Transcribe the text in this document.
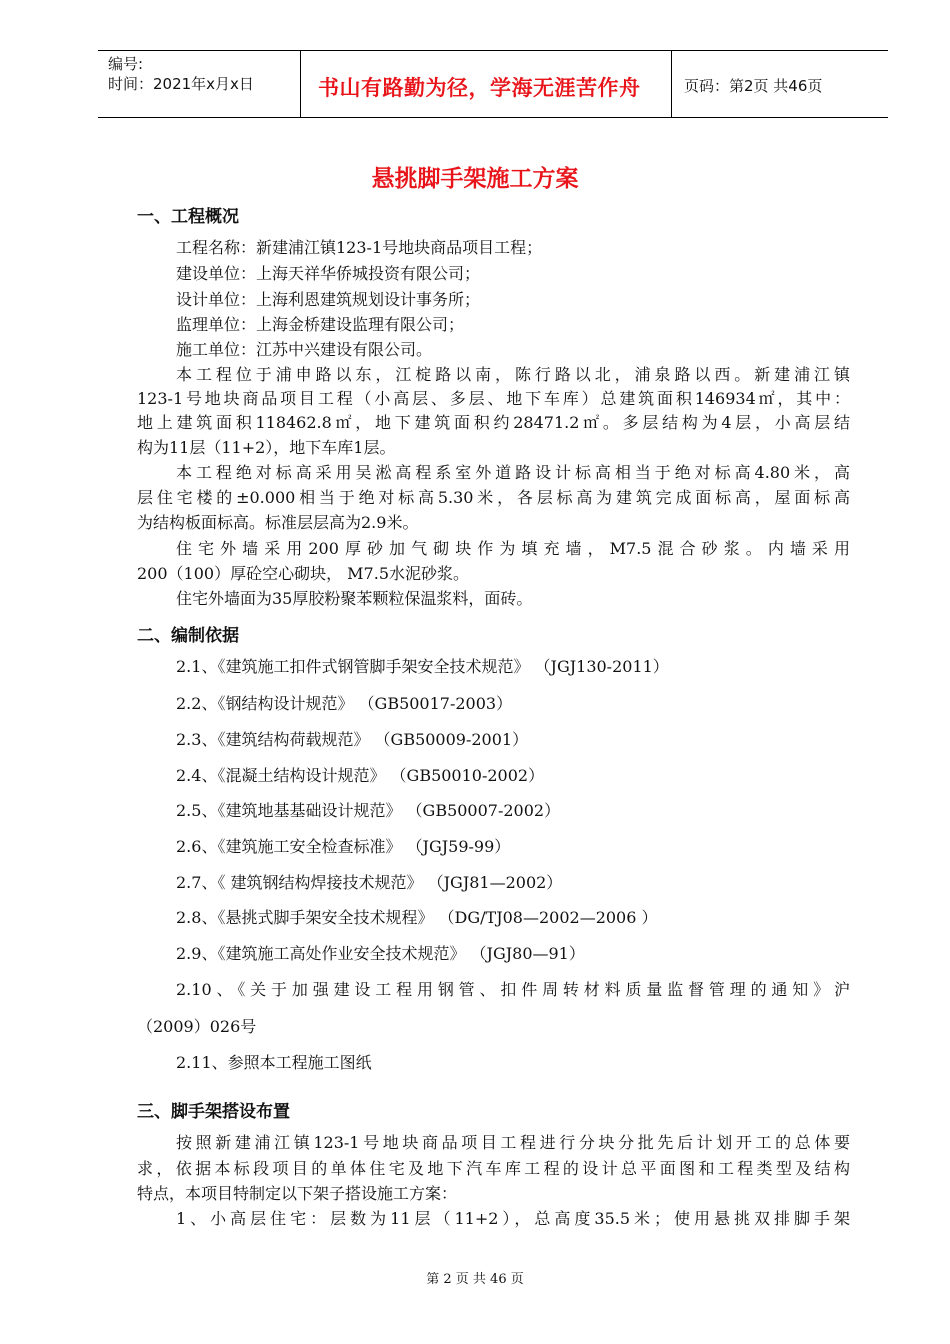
编号:
时间：2021年x月x日	书山有路勤为径，学海无涯苦作舟	页码：第2页 共46页
悬挑脚手架施工方案
一、工程概况
工程名称：新建浦江镇123-1号地块商品项目工程；
建设单位：上海天祥华侨城投资有限公司；
设计单位：上海利恩建筑规划设计事务所；
监理单位：上海金桥建设监理有限公司；
施工单位：江苏中兴建设有限公司。
本工程位于浦申路以东，江椗路以南，陈行路以北，浦泉路以西。新建浦江镇
123-1号地块商品项目工程（小高层、多层、地下车库）总建筑面积146934㎡，其中：
地上建筑面积118462.8㎡，地下建筑面积约28471.2㎡。多层结构为4层，小高层结
构为11层（11+2），地下车库1层。
本工程绝对标高采用吴淞高程系室外道路设计标高相当于绝对标高4.80米，高
层住宅楼的±0.000相当于绝对标高5.30米，各层标高为建筑完成面标高，屋面标高
为结构板面标高。标准层层高为2.9米。
住宅外墙采用200厚砂加气砌块作为填充墙，M7.5混合砂浆。内墙采用
200（100）厚砼空心砌块， M7.5水泥砂浆。
住宅外墙面为35厚胶粉聚苯颗粒保温浆料，面砖。
二、编制依据
2.1、《建筑施工扣件式钢管脚手架安全技术规范》 （JGJ130-2011）
2.2、《钢结构设计规范》 （GB50017-2003）
2.3、《建筑结构荷载规范》 （GB50009-2001）
2.4、《混凝土结构设计规范》 （GB50010-2002）
2.5、《建筑地基基础设计规范》 （GB50007-2002）
2.6、《建筑施工安全检查标准》 （JGJ59-99）
2.7、《 建筑钢结构焊接技术规范》 （JGJ81—2002）
2.8、《悬挑式脚手架安全技术规程》 （DG/TJ08—2002—2006 ）
2.9、《建筑施工高处作业安全技术规范》 （JGJ80—91）
2.10、《关于加强建设工程用钢管、扣件周转材料质量监督管理的通知》沪
（2009）026号
2.11、参照本工程施工图纸
三、脚手架搭设布置
按照新建浦江镇123-1号地块商品项目工程进行分块分批先后计划开工的总体要
求，依据本标段项目的单体住宅及地下汽车库工程的设计总平面图和工程类型及结构
特点，本项目特制定以下架子搭设施工方案：
1、小高层住宅：层数为11层（11+2），总高度35.5米；使用悬挑双排脚手架
第 2 页 共 46 页
